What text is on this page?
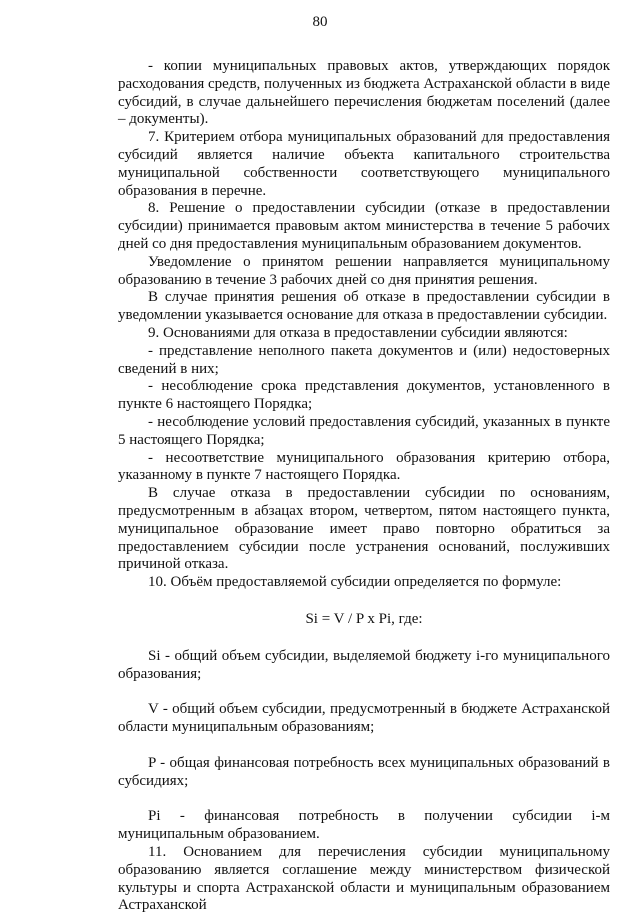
80

- копии муниципальных правовых актов, утверждающих порядок расходования средств, полученных из бюджета Астраханской области в виде субсидий, в случае дальнейшего перечисления бюджетам поселений (далее – документы).

7. Критерием отбора муниципальных образований для предоставления субсидий является наличие объекта капитального строительства муниципальной собственности соответствующего муниципального образования в перечне.

8. Решение о предоставлении субсидии (отказе в предоставлении субсидии) принимается правовым актом министерства в течение 5 рабочих дней со дня предоставления муниципальным образованием документов.

Уведомление о принятом решении направляется муниципальному образованию в течение 3 рабочих дней со дня принятия решения.

В случае принятия решения об отказе в предоставлении субсидии в уведомлении указывается основание для отказа в предоставлении субсидии.

9. Основаниями для отказа в предоставлении субсидии являются:

- представление неполного пакета документов и (или) недостоверных сведений в них;

- несоблюдение срока представления документов, установленного в пункте 6 настоящего Порядка;

- несоблюдение условий предоставления субсидий, указанных в пункте 5 настоящего Порядка;

- несоответствие муниципального образования критерию отбора, указанному в пункте 7 настоящего Порядка.

В случае отказа в предоставлении субсидии по основаниям, предусмотренным в абзацах втором, четвертом, пятом настоящего пункта, муниципальное образование имеет право повторно обратиться за предоставлением субсидии после устранения оснований, послуживших причиной отказа.

10. Объём предоставляемой субсидии определяется по формуле:

Si = V / P x Pi, где:

Si - общий объем субсидии, выделяемой бюджету i-го муниципального образования;

V - общий объем субсидии, предусмотренный в бюджете Астраханской области муниципальным образованиям;

P - общая финансовая потребность всех муниципальных образований в субсидиях;

Pi - финансовая потребность в получении субсидии i-м муниципальным образованием.

11. Основанием для перечисления субсидии муниципальному образованию является соглашение между министерством физической культуры и спорта Астраханской области и муниципальным образованием Астраханской
